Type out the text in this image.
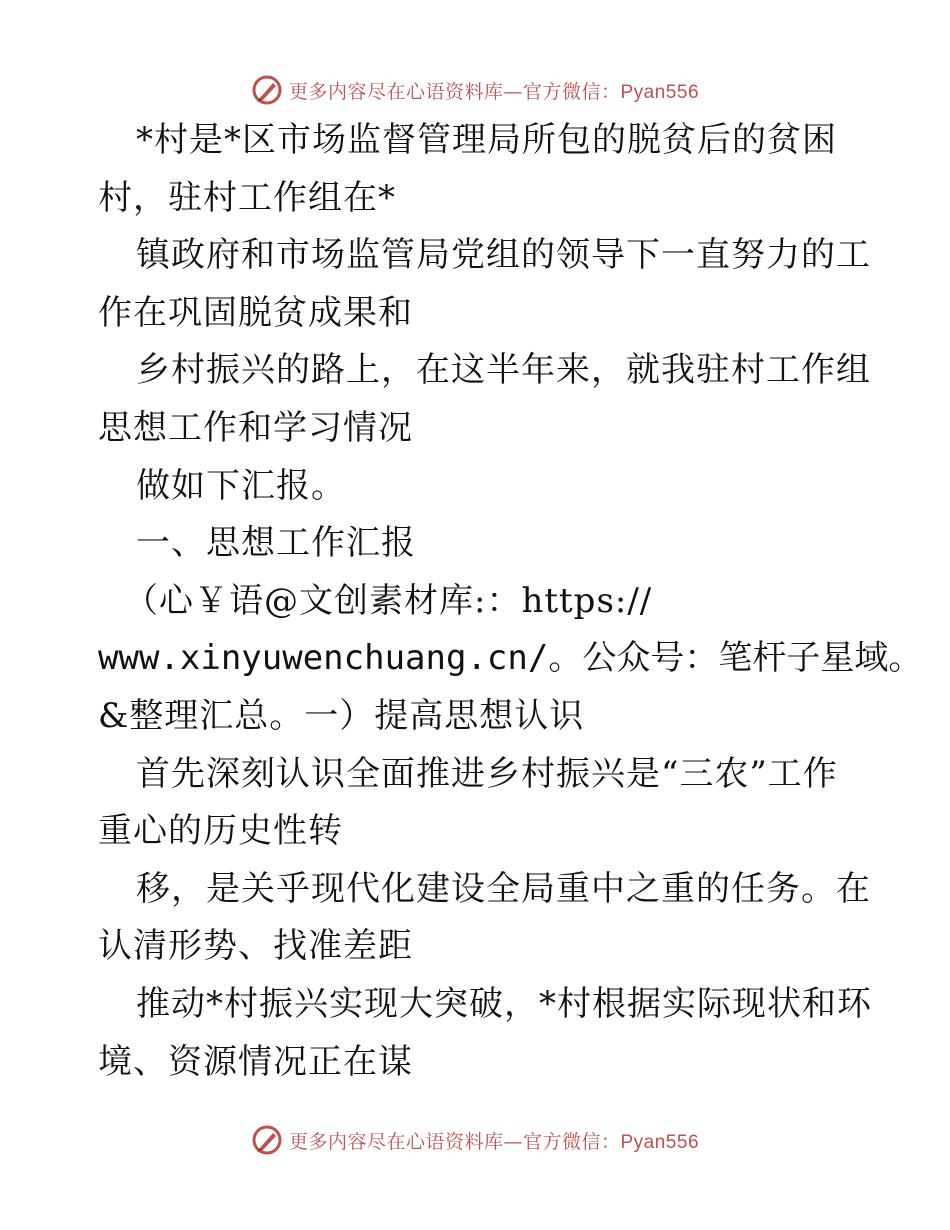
更多内容尽在心语资料库—官方微信：Pyan556
*村是*区市场监督管理局所包的脱贫后的贫困
村，驻村工作组在*
镇政府和市场监管局党组的领导下一直努力的工
作在巩固脱贫成果和
乡村振兴的路上，在这半年来，就我驻村工作组
思想工作和学习情况
做如下汇报。
一、思想工作汇报
（心￥语@文创素材库:：https://
www.xinyuwenchuang.cn/。公众号：笔杆子星域。
&整理汇总。一）提高思想认识
首先深刻认识全面推进乡村振兴是“三农”工作
重心的历史性转
移，是关乎现代化建设全局重中之重的任务。在
认清形势、找准差距
推动*村振兴实现大突破，*村根据实际现状和环
境、资源情况正在谋
更多内容尽在心语资料库—官方微信：Pyan556
